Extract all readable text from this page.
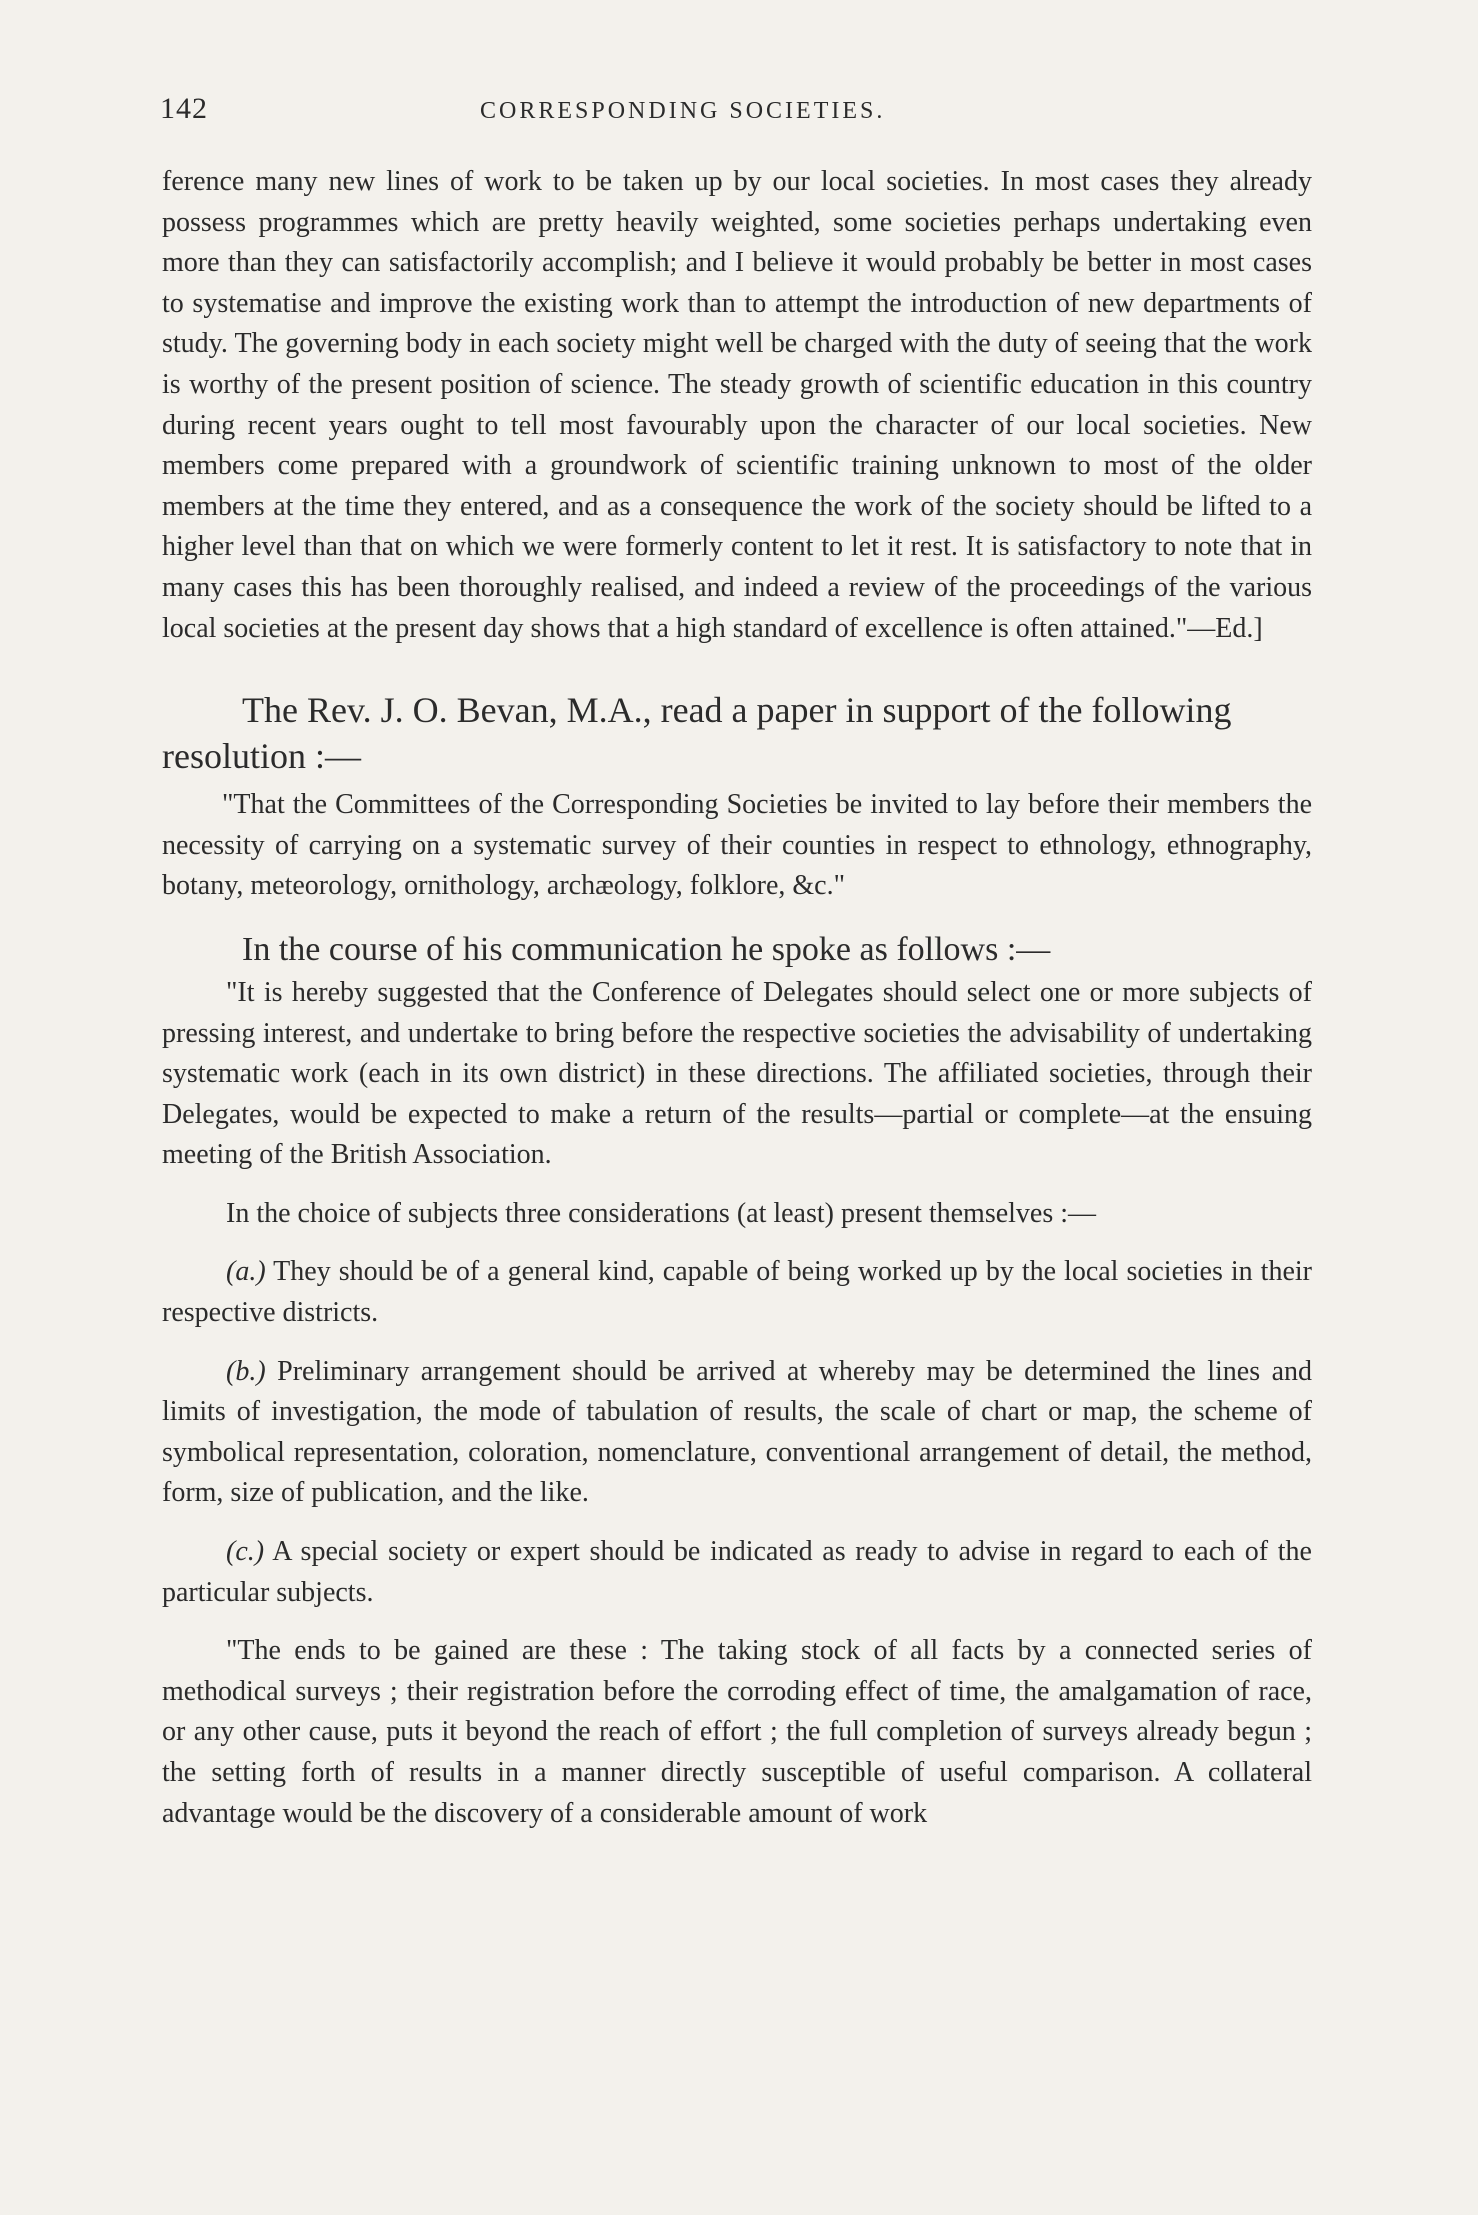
142	CORRESPONDING SOCIETIES.

ference many new lines of work to be taken up by our local societies. In most cases they already possess programmes which are pretty heavily weighted, some societies perhaps undertaking even more than they can satisfactorily accomplish; and I believe it would probably be better in most cases to systematise and improve the existing work than to attempt the introduction of new departments of study. The governing body in each society might well be charged with the duty of seeing that the work is worthy of the present position of science. The steady growth of scientific education in this country during recent years ought to tell most favourably upon the character of our local societies. New members come prepared with a groundwork of scientific training unknown to most of the older members at the time they entered, and as a consequence the work of the society should be lifted to a higher level than that on which we were formerly content to let it rest. It is satisfactory to note that in many cases this has been thoroughly realised, and indeed a review of the proceedings of the various local societies at the present day shows that a high standard of excellence is often attained."—Ed.]

The Rev. J. O. Bevan, M.A., read a paper in support of the following resolution :—

"That the Committees of the Corresponding Societies be invited to lay before their members the necessity of carrying on a systematic survey of their counties in respect to ethnology, ethnography, botany, meteorology, ornithology, archæology, folklore, &c."

In the course of his communication he spoke as follows :—

"It is hereby suggested that the Conference of Delegates should select one or more subjects of pressing interest, and undertake to bring before the respective societies the advisability of undertaking systematic work (each in its own district) in these directions. The affiliated societies, through their Delegates, would be expected to make a return of the results—partial or complete—at the ensuing meeting of the British Association.

In the choice of subjects three considerations (at least) present themselves :—

(a.) They should be of a general kind, capable of being worked up by the local societies in their respective districts.

(b.) Preliminary arrangement should be arrived at whereby may be determined the lines and limits of investigation, the mode of tabulation of results, the scale of chart or map, the scheme of symbolical representation, coloration, nomenclature, conventional arrangement of detail, the method, form, size of publication, and the like.

(c.) A special society or expert should be indicated as ready to advise in regard to each of the particular subjects.

"The ends to be gained are these : The taking stock of all facts by a connected series of methodical surveys ; their registration before the corroding effect of time, the amalgamation of race, or any other cause, puts it beyond the reach of effort ; the full completion of surveys already begun ; the setting forth of results in a manner directly susceptible of useful comparison. A collateral advantage would be the discovery of a considerable amount of work
